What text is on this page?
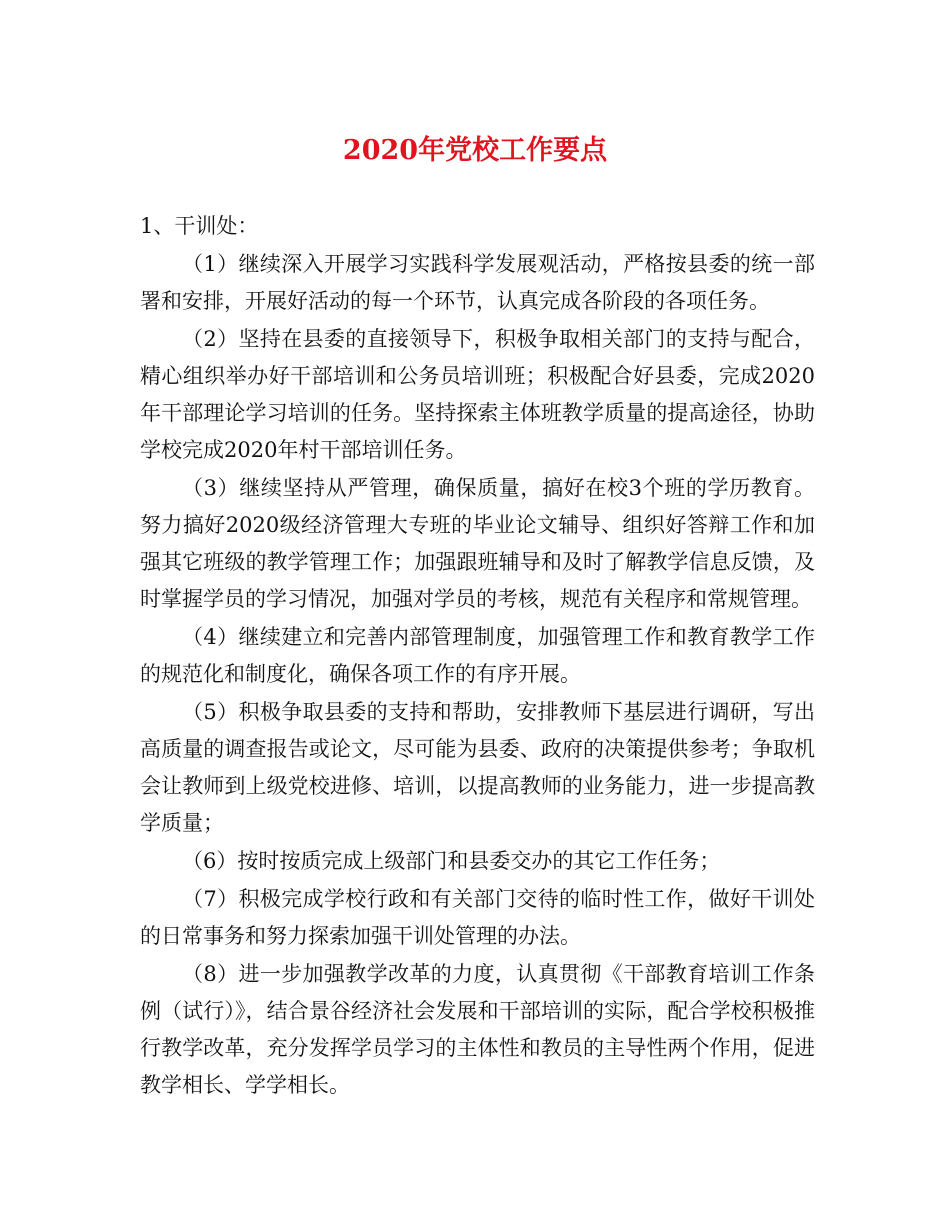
2020年党校工作要点

1、干训处：

（1）继续深入开展学习实践科学发展观活动，严格按县委的统一部署和安排，开展好活动的每一个环节，认真完成各阶段的各项任务。

（2）坚持在县委的直接领导下，积极争取相关部门的支持与配合，精心组织举办好干部培训和公务员培训班；积极配合好县委，完成2020年干部理论学习培训的任务。坚持探索主体班教学质量的提高途径，协助学校完成2020年村干部培训任务。

（3）继续坚持从严管理，确保质量，搞好在校3个班的学历教育。努力搞好2020级经济管理大专班的毕业论文辅导、组织好答辩工作和加强其它班级的教学管理工作；加强跟班辅导和及时了解教学信息反馈，及时掌握学员的学习情况，加强对学员的考核，规范有关程序和常规管理。

（4）继续建立和完善内部管理制度，加强管理工作和教育教学工作的规范化和制度化，确保各项工作的有序开展。

（5）积极争取县委的支持和帮助，安排教师下基层进行调研，写出高质量的调查报告或论文，尽可能为县委、政府的决策提供参考；争取机会让教师到上级党校进修、培训，以提高教师的业务能力，进一步提高教学质量；

（6）按时按质完成上级部门和县委交办的其它工作任务；

（7）积极完成学校行政和有关部门交待的临时性工作，做好干训处的日常事务和努力探索加强干训处管理的办法。

（8）进一步加强教学改革的力度，认真贯彻《干部教育培训工作条例（试行）》，结合景谷经济社会发展和干部培训的实际，配合学校积极推行教学改革，充分发挥学员学习的主体性和教员的主导性两个作用，促进教学相长、学学相长。
